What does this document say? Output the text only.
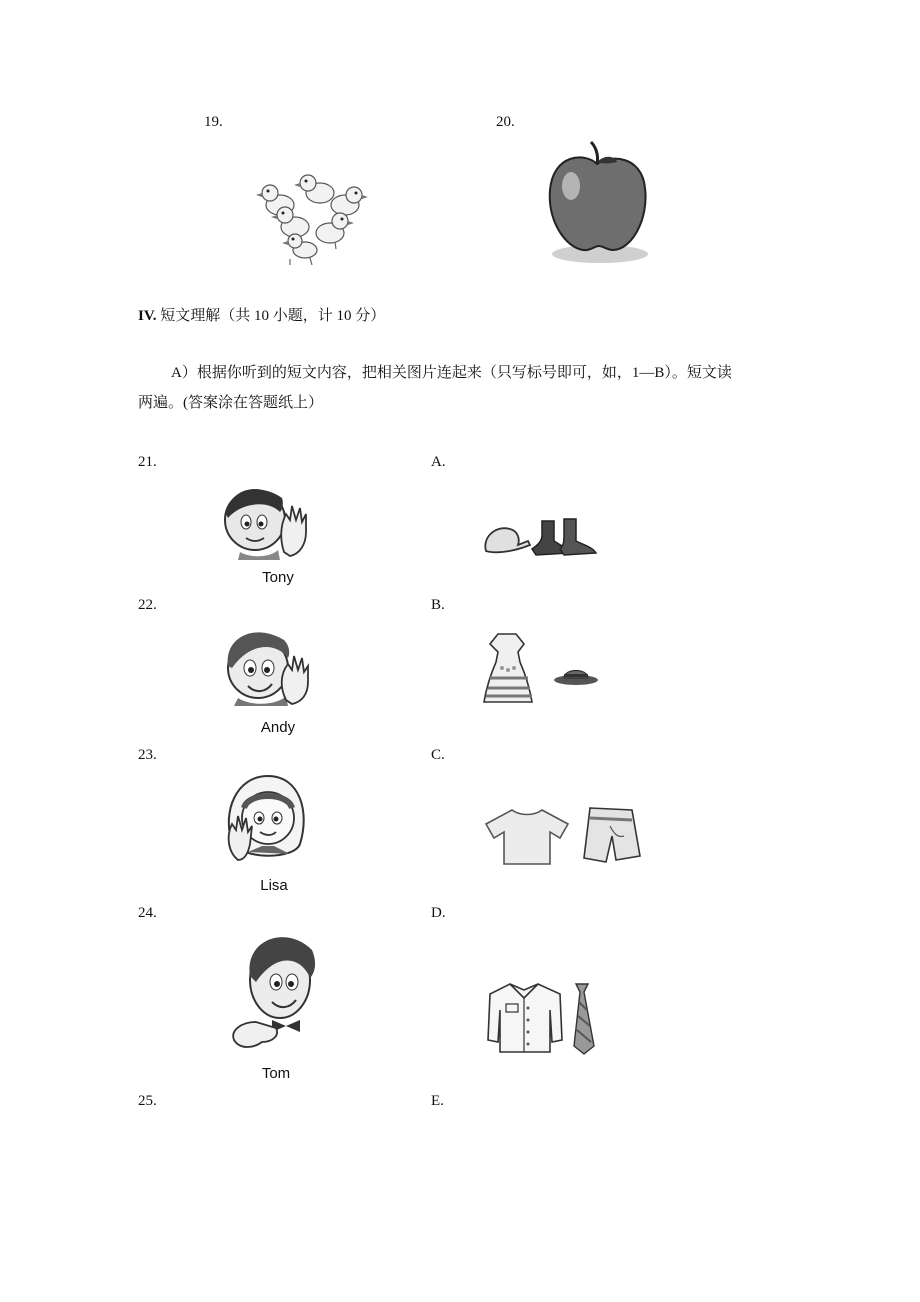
19.	20.
IV. 短文理解（共 10 小题，计 10 分）
A）根据你听到的短文内容，把相关图片连起来（只写标号即可，如，1—B）。短文读
两遍。(答案涂在答题纸上）
21.
22.
23.
24.
25.
A.
B.
C.
D.
E.
Tony
Andy
Lisa
Tom
